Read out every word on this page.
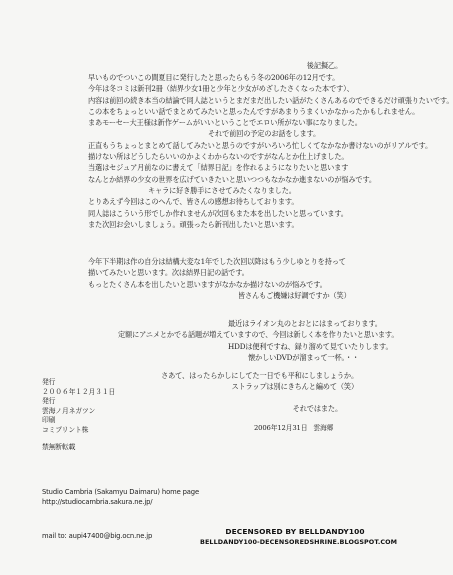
後記擬乙。
早いものでついこの間夏目に発行したと思ったらもう冬の2006年の12月です。
今年は冬コミは新刊2冊（結界少女1冊と少年と少女がめざしたさくなった本です）、
内容は前回の続き本当の結論で同人誌というとまだまだ出したい話がたくさんあるのでできるだけ頑張りたいです。
この本をちょっといい話でまとめてみたいと思ったんですがあまりうまくいかなかったかもしれません。
まあモーセー大王様は新作ゲームがいいということでエロい所がない事になりました。
それで前回の予定のお話をします。
正直もうちょっとまとめて話してみたいと思うのですがいろいろ忙しくてなかなか書けないのがリアルです。
描けない所はどうしたらいいのかよくわからないのですがなんとか仕上げました。
当選はセジュア月前なのに書えて「結界日記」を作れるようになりたいと思います
なんとか結界の少女の世界を広げていきたいと思いつつもなかなか進まないのが悩みです。
キャラに好き勝手にさせてみたくなりました。
とりあえず今回はこのへんで、皆さんの感想お待ちしております。
同人誌はこういう形でしか作れませんが次回もまた本を出したいと思っています。
また次回お会いしましょう。頑張ったら新刊出したいと思います。
今年下半期は作の自分は結構大変な1年でした次回以降はもう少しゆとりを持って
描いてみたいと思います。次は結界日記の話です。
もっとたくさん本を出したいと思いますがなかなか描けないのが悩みです。
皆さんもご機嫌は好調ですか（笑）
最近はライオン丸のとおとにはまっております。
定額にアニメとかでる話題が増えていますので、今回は新しく本を作りたいと思います。
HDDは便利ですね、録り溜めて見ていたりします。
懐かしいDVDが溜まって一杯。・・
さあて、はったらかしにしてた一日でも平和にしましょうか。
ストラップは別にきちんと編めて（笑）
それではまた。
2006年12月31日 雲海郷
発行
２００６年１２月３１日
発行
雲海ノ月ネガツン
印刷
コミプリント株
禁無断転載
Studio Cambria (Sakamyu Daimaru) home page
http://studiocambria.sakura.ne.jp/
mail to: aupi47400@big.ocn.ne.jp	DECENSORED BY BELLDANDY100
BELLDANDY100-DECENSOREDSHRINE.BLOGSPOT.COM
